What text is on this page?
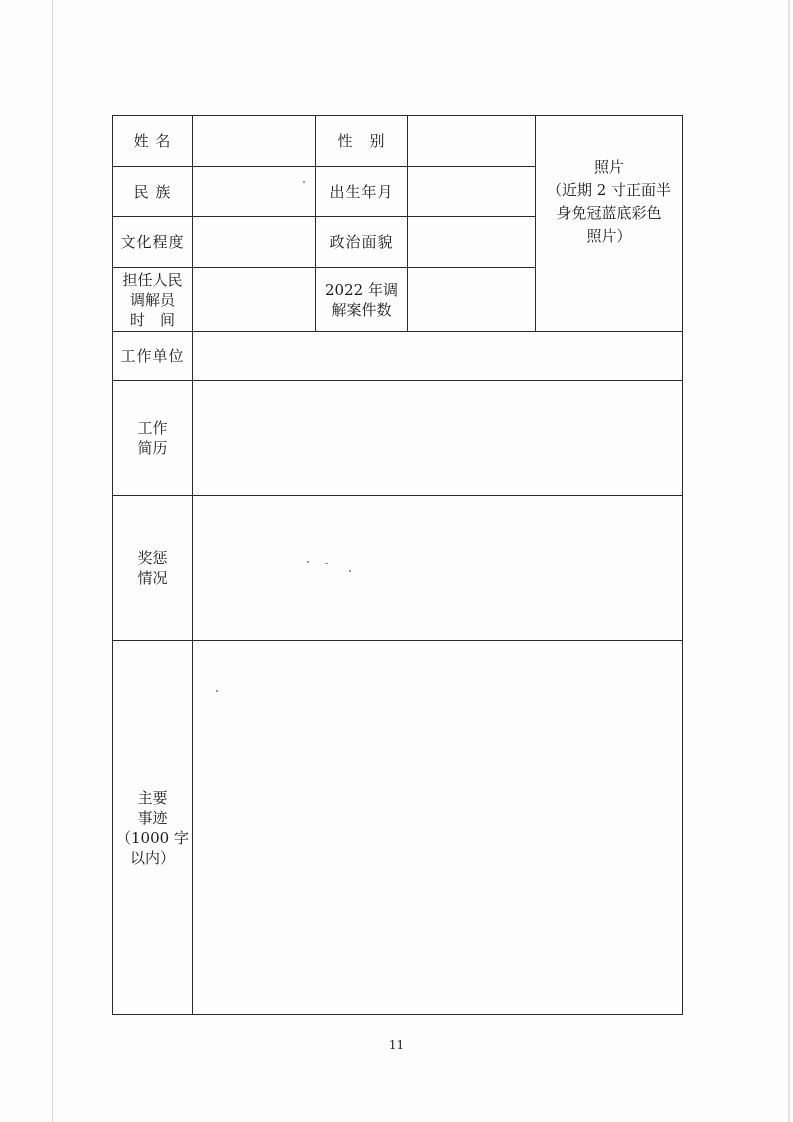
姓 名		性　别		照片
（近期 2 寸正面半
身免冠蓝底彩色
照片）

民 族		出生年月		
文化程度		政治面貌		

担任人民
调解员
时　间		2022 年调
解案件数		

工作单位				

工作
简历				

奖惩
情况				

主要
事迹
（1000 字
以内）				

11
